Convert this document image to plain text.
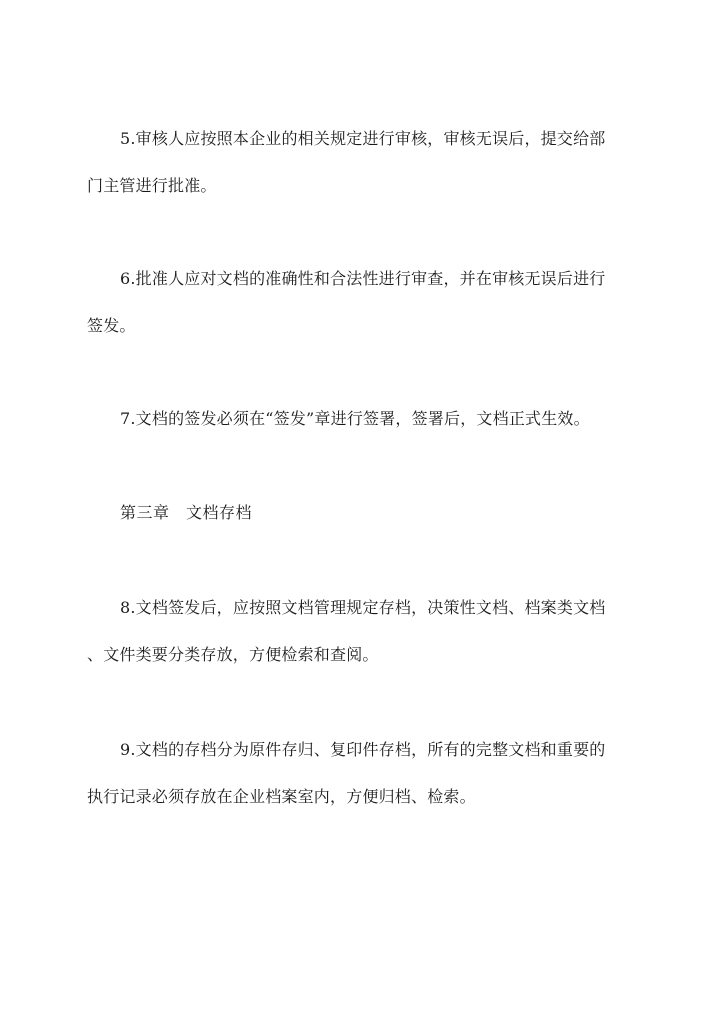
5.审核人应按照本企业的相关规定进行审核，审核无误后，提交给部
门主管进行批准。
6.批准人应对文档的准确性和合法性进行审查，并在审核无误后进行
签发。
7.文档的签发必须在“签发”章进行签署，签署后，文档正式生效。
第三章　文档存档
8.文档签发后，应按照文档管理规定存档，决策性文档、档案类文档
、文件类要分类存放，方便检索和查阅。
9.文档的存档分为原件存归、复印件存档，所有的完整文档和重要的
执行记录必须存放在企业档案室内，方便归档、检索。
